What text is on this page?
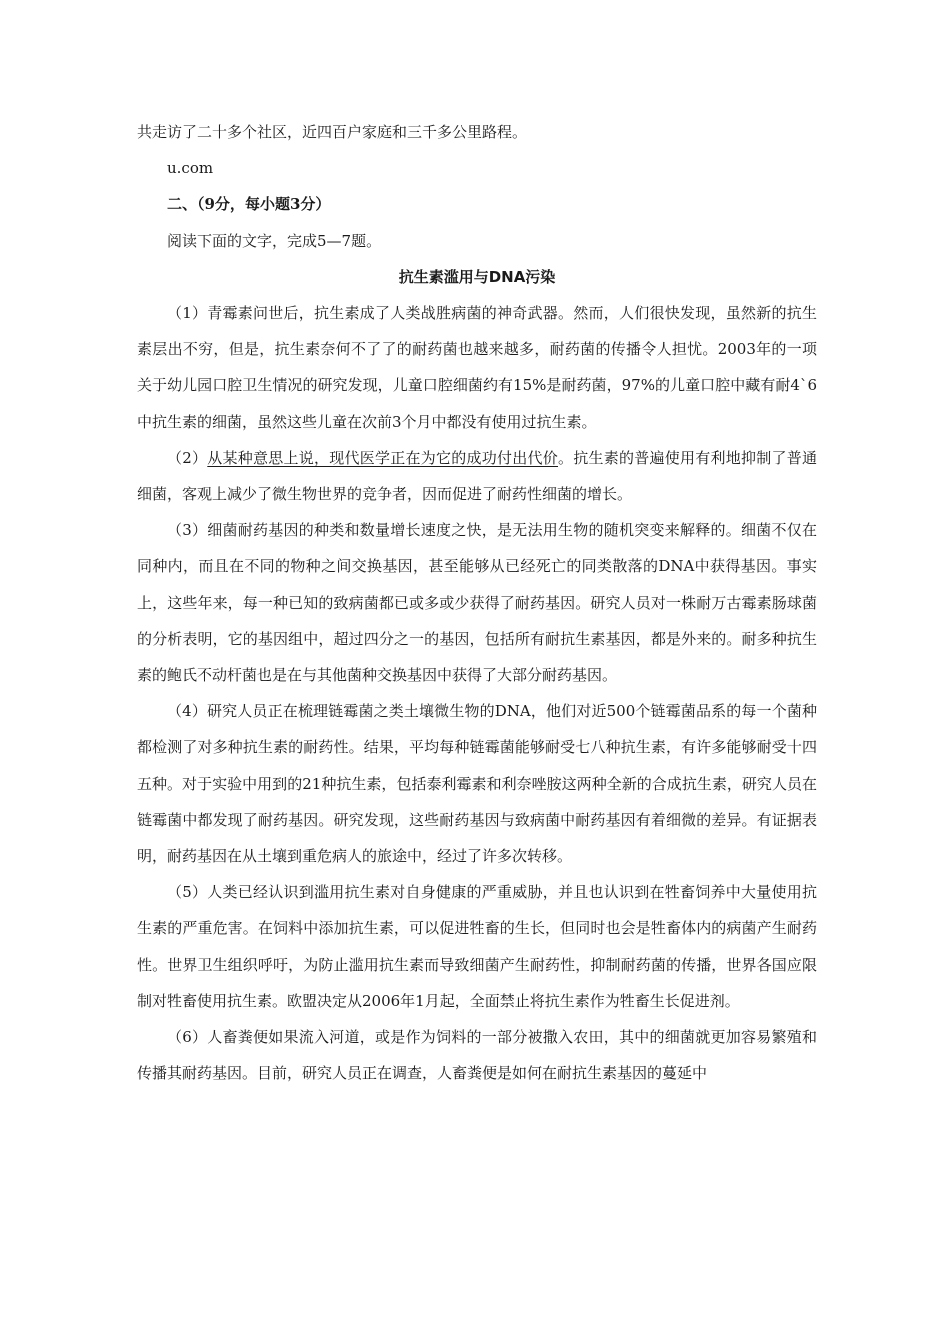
共走访了二十多个社区，近四百户家庭和三千多公里路程。

u.com

二、（9分，每小题3分）

阅读下面的文字，完成5—7题。

抗生素滥用与DNA污染

（1）青霉素问世后，抗生素成了人类战胜病菌的神奇武器。然而，人们很快发现，虽然新的抗生素层出不穷，但是，抗生素奈何不了了的耐药菌也越来越多，耐药菌的传播令人担忧。2003年的一项关于幼儿园口腔卫生情况的研究发现，儿童口腔细菌约有15%是耐药菌，97%的儿童口腔中藏有耐4`6中抗生素的细菌，虽然这些儿童在次前3个月中都没有使用过抗生素。

（2）从某种意思上说，现代医学正在为它的成功付出代价。抗生素的普遍使用有利地抑制了普通细菌，客观上减少了微生物世界的竞争者，因而促进了耐药性细菌的增长。

（3）细菌耐药基因的种类和数量增长速度之快，是无法用生物的随机突变来解释的。细菌不仅在同种内，而且在不同的物种之间交换基因，甚至能够从已经死亡的同类散落的DNA中获得基因。事实上，这些年来，每一种已知的致病菌都已或多或少获得了耐药基因。研究人员对一株耐万古霉素肠球菌的分析表明，它的基因组中，超过四分之一的基因，包括所有耐抗生素基因，都是外来的。耐多种抗生素的鲍氏不动杆菌也是在与其他菌种交换基因中获得了大部分耐药基因。

（4）研究人员正在梳理链霉菌之类土壤微生物的DNA，他们对近500个链霉菌品系的每一个菌种都检测了对多种抗生素的耐药性。结果，平均每种链霉菌能够耐受七八种抗生素，有许多能够耐受十四五种。对于实验中用到的21种抗生素，包括泰利霉素和利奈唑胺这两种全新的合成抗生素，研究人员在链霉菌中都发现了耐药基因。研究发现，这些耐药基因与致病菌中耐药基因有着细微的差异。有证据表明，耐药基因在从土壤到重危病人的旅途中，经过了许多次转移。

（5）人类已经认识到滥用抗生素对自身健康的严重威胁，并且也认识到在牲畜饲养中大量使用抗生素的严重危害。在饲料中添加抗生素，可以促进牲畜的生长，但同时也会是牲畜体内的病菌产生耐药性。世界卫生组织呼吁，为防止滥用抗生素而导致细菌产生耐药性，抑制耐药菌的传播，世界各国应限制对牲畜使用抗生素。欧盟决定从2006年1月起，全面禁止将抗生素作为牲畜生长促进剂。

（6）人畜粪便如果流入河道，或是作为饲料的一部分被撒入农田，其中的细菌就更加容易繁殖和传播其耐药基因。目前，研究人员正在调查，人畜粪便是如何在耐抗生素基因的蔓延中
